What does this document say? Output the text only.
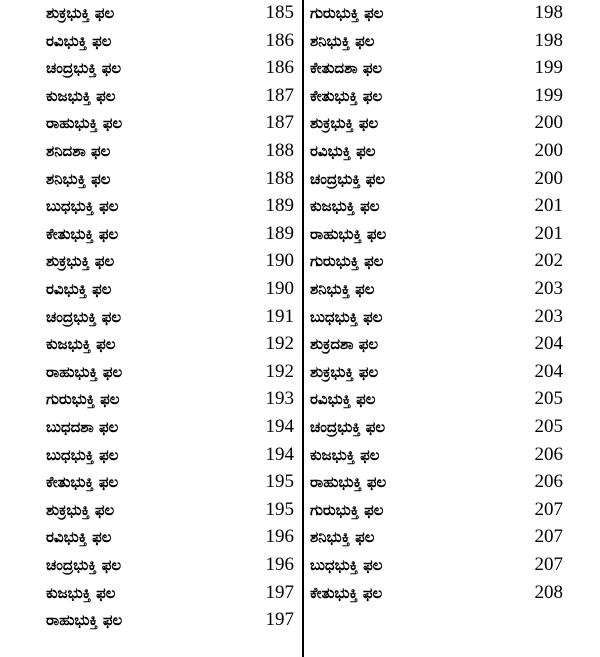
ಶುಕ್ರಭುಕ್ತಿ ಫಲ	185
ರವಿಭುಕ್ತಿ ಫಲ	186
ಚಂದ್ರಭುಕ್ತಿ ಫಲ	186
ಕುಜಭುಕ್ತಿ ಫಲ	187
ರಾಹುಭುಕ್ತಿ ಫಲ	187
ಶನಿದಶಾ ಫಲ	188
ಶನಿಭುಕ್ತಿ ಫಲ	188
ಬುಧಭುಕ್ತಿ ಫಲ	189
ಕೇತುಭುಕ್ತಿ ಫಲ	189
ಶುಕ್ರಭುಕ್ತಿ ಫಲ	190
ರವಿಭುಕ್ತಿ ಫಲ	190
ಚಂದ್ರಭುಕ್ತಿ ಫಲ	191
ಕುಜಭುಕ್ತಿ ಫಲ	192
ರಾಹುಭುಕ್ತಿ ಫಲ	192
ಗುರುಭುಕ್ತಿ ಫಲ	193
ಬುಧದಶಾ ಫಲ	194
ಬುಧಭುಕ್ತಿ ಫಲ	194
ಕೇತುಭುಕ್ತಿ ಫಲ	195
ಶುಕ್ರಭುಕ್ತಿ ಫಲ	195
ರವಿಭುಕ್ತಿ ಫಲ	196
ಚಂದ್ರಭುಕ್ತಿ ಫಲ	196
ಕುಜಭುಕ್ತಿ ಫಲ	197
ರಾಹುಭುಕ್ತಿ ಫಲ	197
ಗುರುಭುಕ್ತಿ ಫಲ	198
ಶನಿಭುಕ್ತಿ ಫಲ	198
ಕೇತುದಶಾ ಫಲ	199
ಕೇತುಭುಕ್ತಿ ಫಲ	199
ಶುಕ್ರಭುಕ್ತಿ ಫಲ	200
ರವಿಭುಕ್ತಿ ಫಲ	200
ಚಂದ್ರಭುಕ್ತಿ ಫಲ	200
ಕುಜಭುಕ್ತಿ ಫಲ	201
ರಾಹುಭುಕ್ತಿ ಫಲ	201
ಗುರುಭುಕ್ತಿ ಫಲ	202
ಶನಿಭುಕ್ತಿ ಫಲ	203
ಬುಧಭುಕ್ತಿ ಫಲ	203
ಶುಕ್ರದಶಾ ಫಲ	204
ಶುಕ್ರಭುಕ್ತಿ ಫಲ	204
ರವಿಭುಕ್ತಿ ಫಲ	205
ಚಂದ್ರಭುಕ್ತಿ ಫಲ	205
ಕುಜಭುಕ್ತಿ ಫಲ	206
ರಾಹುಭುಕ್ತಿ ಫಲ	206
ಗುರುಭುಕ್ತಿ ಫಲ	207
ಶನಿಭುಕ್ತಿ ಫಲ	207
ಬುಧಭುಕ್ತಿ ಫಲ	207
ಕೇತುಭುಕ್ತಿ ಫಲ	208
